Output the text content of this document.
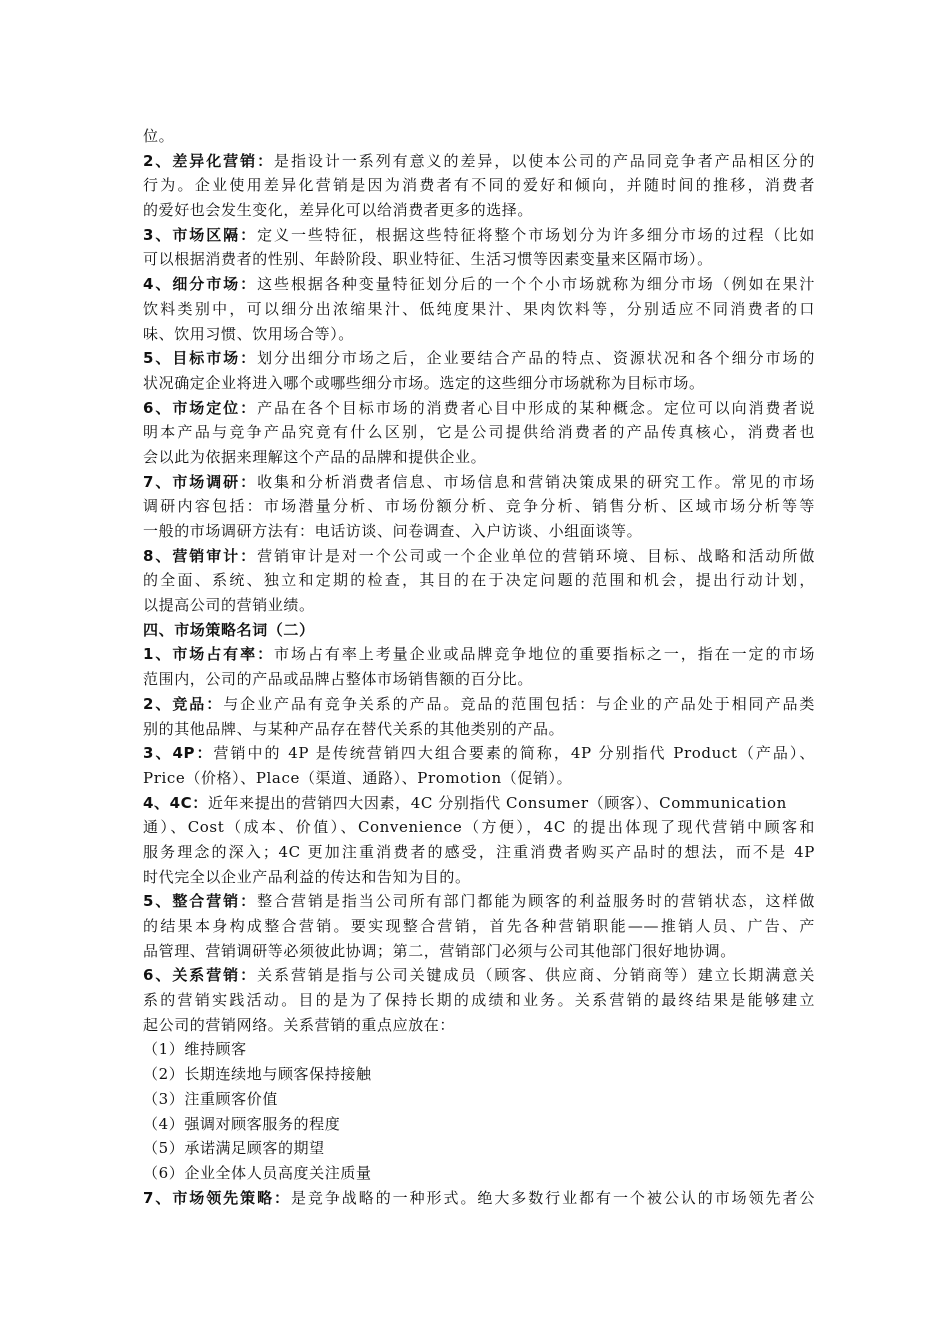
位。
2、差异化营销：是指设计一系列有意义的差异，以使本公司的产品同竞争者产品相区分的
行为。企业使用差异化营销是因为消费者有不同的爱好和倾向，并随时间的推移，消费者
的爱好也会发生变化，差异化可以给消费者更多的选择。
3、市场区隔：定义一些特征，根据这些特征将整个市场划分为许多细分市场的过程（比如
可以根据消费者的性别、年龄阶段、职业特征、生活习惯等因素变量来区隔市场）。
4、细分市场：这些根据各种变量特征划分后的一个个小市场就称为细分市场（例如在果汁
饮料类别中，可以细分出浓缩果汁、低纯度果汁、果肉饮料等，分别适应不同消费者的口
味、饮用习惯、饮用场合等）。
5、目标市场：划分出细分市场之后，企业要结合产品的特点、资源状况和各个细分市场的
状况确定企业将进入哪个或哪些细分市场。选定的这些细分市场就称为目标市场。
6、市场定位：产品在各个目标市场的消费者心目中形成的某种概念。定位可以向消费者说
明本产品与竞争产品究竟有什么区别，它是公司提供给消费者的产品传真核心，消费者也
会以此为依据来理解这个产品的品牌和提供企业。
7、市场调研：收集和分析消费者信息、市场信息和营销决策成果的研究工作。常见的市场
调研内容包括：市场潜量分析、市场份额分析、竞争分析、销售分析、区域市场分析等等
一般的市场调研方法有：电话访谈、问卷调查、入户访谈、小组面谈等。
8、营销审计：营销审计是对一个公司或一个企业单位的营销环境、目标、战略和活动所做
的全面、系统、独立和定期的检查，其目的在于决定问题的范围和机会，提出行动计划，
以提高公司的营销业绩。
四、市场策略名词（二）
1、市场占有率：市场占有率上考量企业或品牌竞争地位的重要指标之一，指在一定的市场
范围内，公司的产品或品牌占整体市场销售额的百分比。
2、竞品：与企业产品有竞争关系的产品。竞品的范围包括：与企业的产品处于相同产品类
别的其他品牌、与某种产品存在替代关系的其他类别的产品。
3、4P：营销中的 4P 是传统营销四大组合要素的简称，4P 分别指代 Product（产品）、
Price（价格）、Place（渠道、通路）、Promotion（促销）。
4、4C：近年来提出的营销四大因素，4C 分别指代 Consumer（顾客）、Communication
通）、Cost（成本、价值）、Convenience（方便），4C 的提出体现了现代营销中顾客和
服务理念的深入；4C 更加注重消费者的感受，注重消费者购买产品时的想法，而不是 4P
时代完全以企业产品利益的传达和告知为目的。
5、整合营销：整合营销是指当公司所有部门都能为顾客的利益服务时的营销状态，这样做
的结果本身构成整合营销。要实现整合营销，首先各种营销职能——推销人员、广告、产
品管理、营销调研等必须彼此协调；第二，营销部门必须与公司其他部门很好地协调。
6、关系营销：关系营销是指与公司关键成员（顾客、供应商、分销商等）建立长期满意关
系的营销实践活动。目的是为了保持长期的成绩和业务。关系营销的最终结果是能够建立
起公司的营销网络。关系营销的重点应放在：
（1）维持顾客
（2）长期连续地与顾客保持接触
（3）注重顾客价值
（4）强调对顾客服务的程度
（5）承诺满足顾客的期望
（6）企业全体人员高度关注质量
7、市场领先策略：是竞争战略的一种形式。绝大多数行业都有一个被公认的市场领先者公
